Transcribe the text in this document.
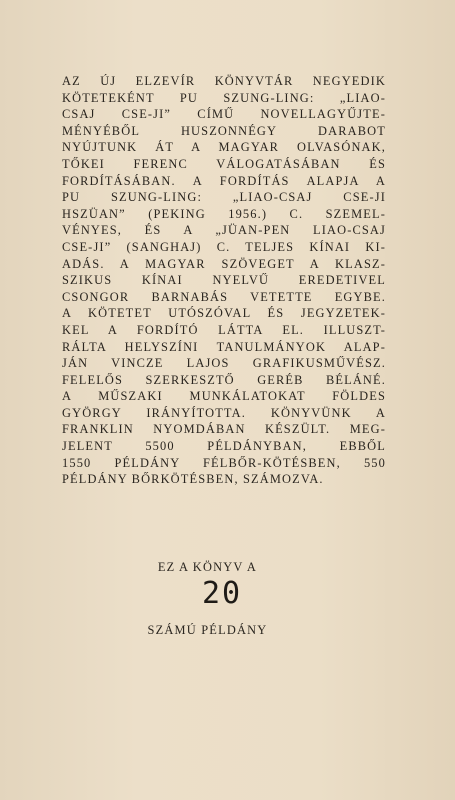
AZ ÚJ ELZEVÍR KÖNYVTÁR NEGYEDIK
KÖTETEKÉNT PU SZUNG-LING: „LIAO-
CSAJ CSE-JI” CÍMŰ NOVELLAGYŰJTE-
MÉNYÉBŐL HUSZONNÉGY DARABOT
NYÚJTUNK ÁT A MAGYAR OLVASÓNAK,
TŐKEI FERENC VÁLOGATÁSÁBAN ÉS
FORDÍTÁSÁBAN. A FORDÍTÁS ALAPJA A
PU SZUNG-LING: „LIAO-CSAJ CSE-JI
HSZÜAN” (PEKING 1956.) C. SZEMEL-
VÉNYES, ÉS A „JÜAN-PEN LIAO-CSAJ
CSE-JI” (SANGHAJ) C. TELJES KÍNAI KI-
ADÁS. A MAGYAR SZÖVEGET A KLASZ-
SZIKUS KÍNAI NYELVŰ EREDETIVEL
CSONGOR BARNABÁS VETETTE EGYBE.
A KÖTETET UTÓSZÓVAL ÉS JEGYZETEK-
KEL A FORDÍTÓ LÁTTA EL. ILLUSZT-
RÁLTA HELYSZÍNI TANULMÁNYOK ALAP-
JÁN VINCZE LAJOS GRAFIKUSMŰVÉSZ.
FELELŐS SZERKESZTŐ GERÉB BÉLÁNÉ.
A MŰSZAKI MUNKÁLATOKAT FÖLDES
GYÖRGY IRÁNYÍTOTTA. KÖNYVÜNK A
FRANKLIN NYOMDÁBAN KÉSZÜLT. MEG-
JELENT 5500 PÉLDÁNYBAN, EBBŐL
1550 PÉLDÁNY FÉLBŐR-KÖTÉSBEN, 550
PÉLDÁNY BŐRKÖTÉSBEN, SZÁMOZVA.
EZ A KÖNYV A
20
SZÁMÚ PÉLDÁNY
